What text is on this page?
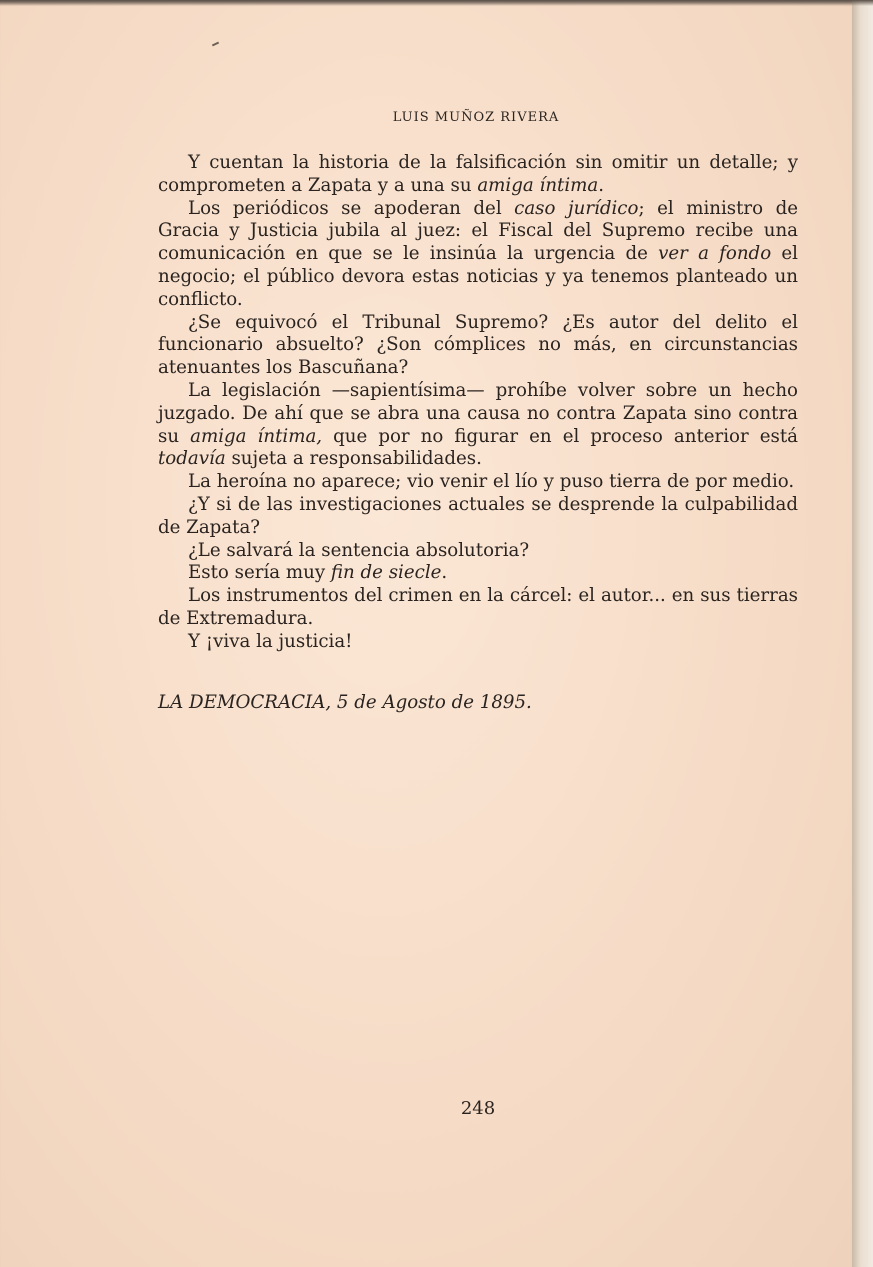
LUIS MUÑOZ RIVERA

Y cuentan la historia de la falsificación sin omitir un detalle; y comprometen a Zapata y a una su amiga íntima.

Los periódicos se apoderan del caso jurídico; el ministro de Gracia y Justicia jubila al juez: el Fiscal del Supremo recibe una comunicación en que se le insinúa la urgencia de ver a fondo el negocio; el público devora estas noticias y ya tenemos planteado un conflicto.

¿Se equivocó el Tribunal Supremo? ¿Es autor del delito el funcionario absuelto? ¿Son cómplices no más, en circunstancias atenuantes los Bascuñana?

La legislación —sapientísima— prohíbe volver sobre un hecho juzgado. De ahí que se abra una causa no contra Zapata sino contra su amiga íntima, que por no figurar en el proceso anterior está todavía sujeta a responsabilidades.

La heroína no aparece; vio venir el lío y puso tierra de por medio.

¿Y si de las investigaciones actuales se desprende la culpabilidad de Zapata?

¿Le salvará la sentencia absolutoria?

Esto sería muy fin de siecle.

Los instrumentos del crimen en la cárcel: el autor... en sus tierras de Extremadura.

Y ¡viva la justicia!

LA DEMOCRACIA, 5 de Agosto de 1895.
248
